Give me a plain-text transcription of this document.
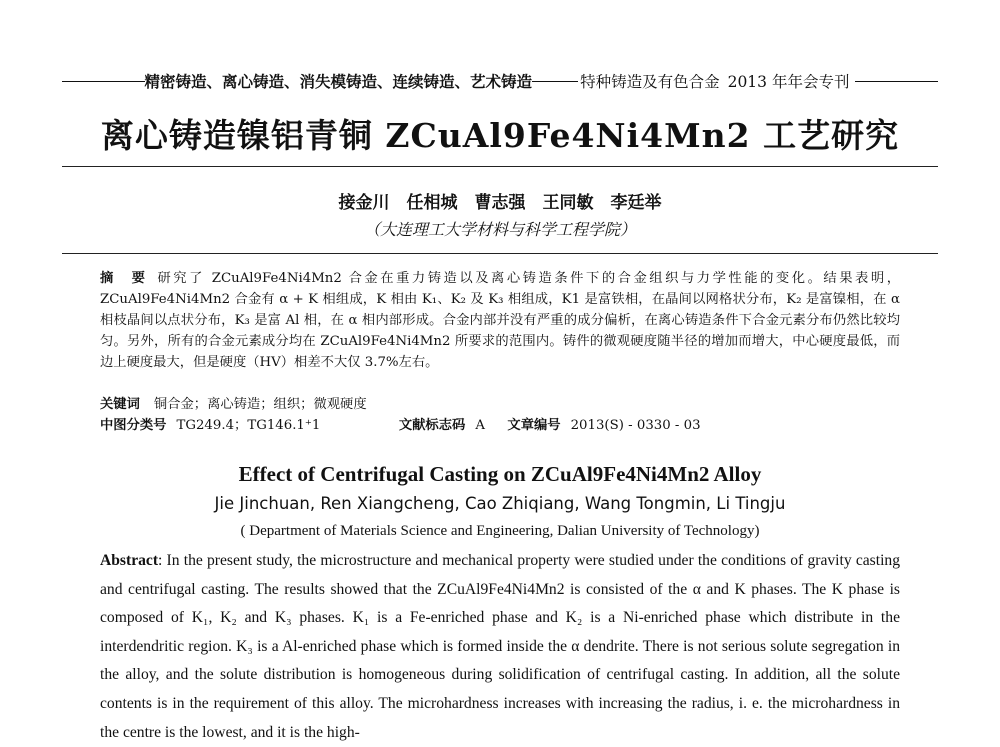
精密铸造、离心铸造、消失模铸造、连续铸造、艺术铸造	特种铸造及有色合金 2013 年年会专刊
离心铸造镍铝青铜 ZCuAl9Fe4Ni4Mn2 工艺研究
接金川　任相城　曹志强　王同敏　李廷举
（大连理工大学材料与科学工程学院）
摘　要 研究了 ZCuAl9Fe4Ni4Mn2 合金在重力铸造以及离心铸造条件下的合金组织与力学性能的变化。结果表明，ZCuAl9Fe4Ni4Mn2 合金有 α + K 相组成，K 相由 K₁、K₂ 及 K₃ 相组成，K1 是富铁相，在晶间以网格状分布，K₂ 是富镍相，在 α 相枝晶间以点状分布，K₃ 是富 Al 相，在 α 相内部形成。合金内部并没有严重的成分偏析，在离心铸造条件下合金元素分布仍然比较均匀。另外，所有的合金元素成分均在 ZCuAl9Fe4Ni4Mn2 所要求的范围内。铸件的微观硬度随半径的增加而增大，中心硬度最低，而边上硬度最大，但是硬度（HV）相差不大仅 3.7%左右。
关键词 铜合金；离心铸造；组织；微观硬度
中图分类号 TG249.4；TG146.1⁺1	文献标志码 A 文章编号 2013(S) - 0330 - 03
Effect of Centrifugal Casting on ZCuAl9Fe4Ni4Mn2 Alloy
Jie Jinchuan, Ren Xiangcheng, Cao Zhiqiang, Wang Tongmin, Li Tingju
( Department of Materials Science and Engineering, Dalian University of Technology)
Abstract: In the present study, the microstructure and mechanical property were studied under the conditions of gravity casting and centrifugal casting. The results showed that the ZCuAl9Fe4Ni4Mn2 is consisted of the α and K phases. The K phase is composed of K₁, K₂ and K₃ phases. K₁ is a Fe-enriched phase and K₂ is a Ni-enriched phase which distribute in the interdendritic region. K₃ is a Al-enriched phase which is formed inside the α dendrite. There is not serious solute segregation in the alloy, and the solute distribution is homogeneous during solidification of centrifugal casting. In addition, all the solute contents is in the requirement of this alloy. The microhardness increases with increasing the radius, i. e. the microhardness in the centre is the lowest, and it is the high-
